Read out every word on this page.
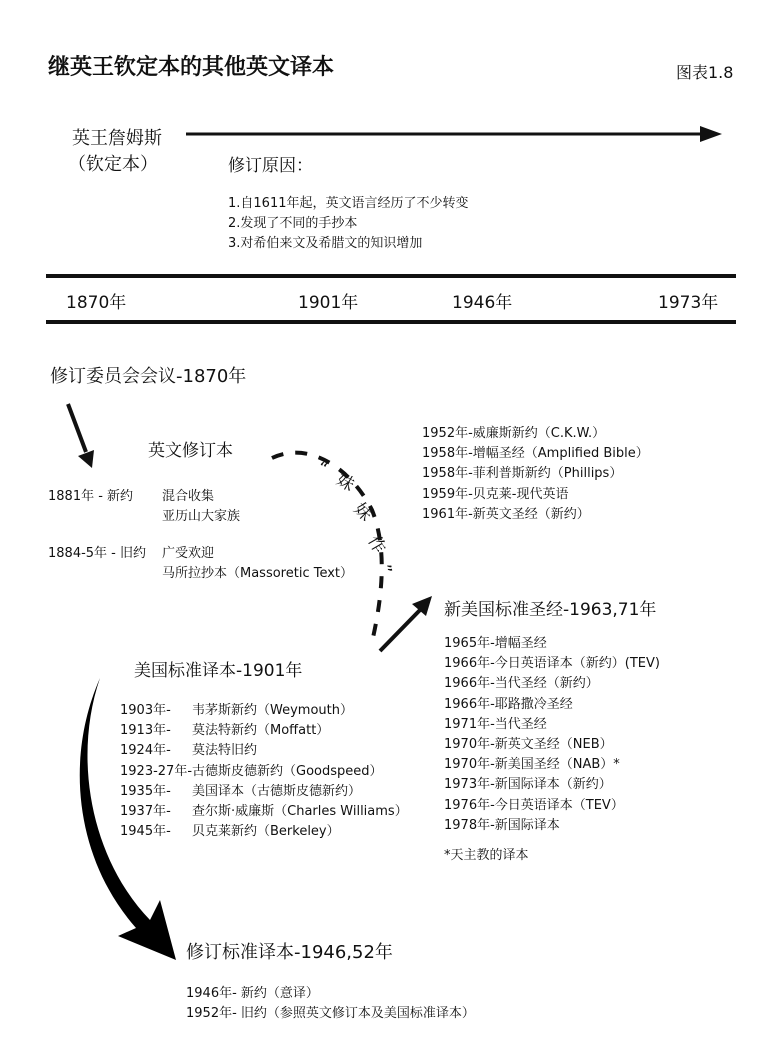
继英王钦定本的其他英文译本	图表1.8
英王詹姆斯
（钦定本）	修订原因：
1.自1611年起，英文语言经历了不少转变
2.发现了不同的手抄本
3.对希伯来文及希腊文的知识增加
1870年	1901年	1946年	1973年
修订委员会会议-1870年
英文修订本
1881年 - 新约 混合收集
亚历山大家族
1884-5年 - 旧约 广受欢迎
马所拉抄本（Massoretic Text）
“
妹
妹
作
”
1952年-威廉斯新约（C.K.W.）
1958年-增幅圣经（Amplified Bible）
1958年-菲利普斯新约（Phillips）
1959年-贝克莱-现代英语
1961年-新英文圣经（新约）
新美国标准圣经-1963,71年
1965年-增幅圣经
1966年-今日英语译本（新约）(TEV)
1966年-当代圣经（新约）
1966年-耶路撒冷圣经
1971年-当代圣经
1970年-新英文圣经（NEB）
1970年-新美国圣经（NAB）*
1973年-新国际译本（新约）
1976年-今日英语译本（TEV）
1978年-新国际译本
*天主教的译本
美国标准译本-1901年
1903年- 韦茅斯新约（Weymouth）
1913年- 莫法特新约（Moffatt）
1924年- 莫法特旧约
1923-27年-古德斯皮德新约（Goodspeed）
1935年- 美国译本（古德斯皮德新约）
1937年- 查尔斯·威廉斯（Charles Williams）
1945年- 贝克莱新约（Berkeley）
修订标准译本-1946,52年
1946年- 新约（意译）
1952年- 旧约（参照英文修订本及美国标准译本）
